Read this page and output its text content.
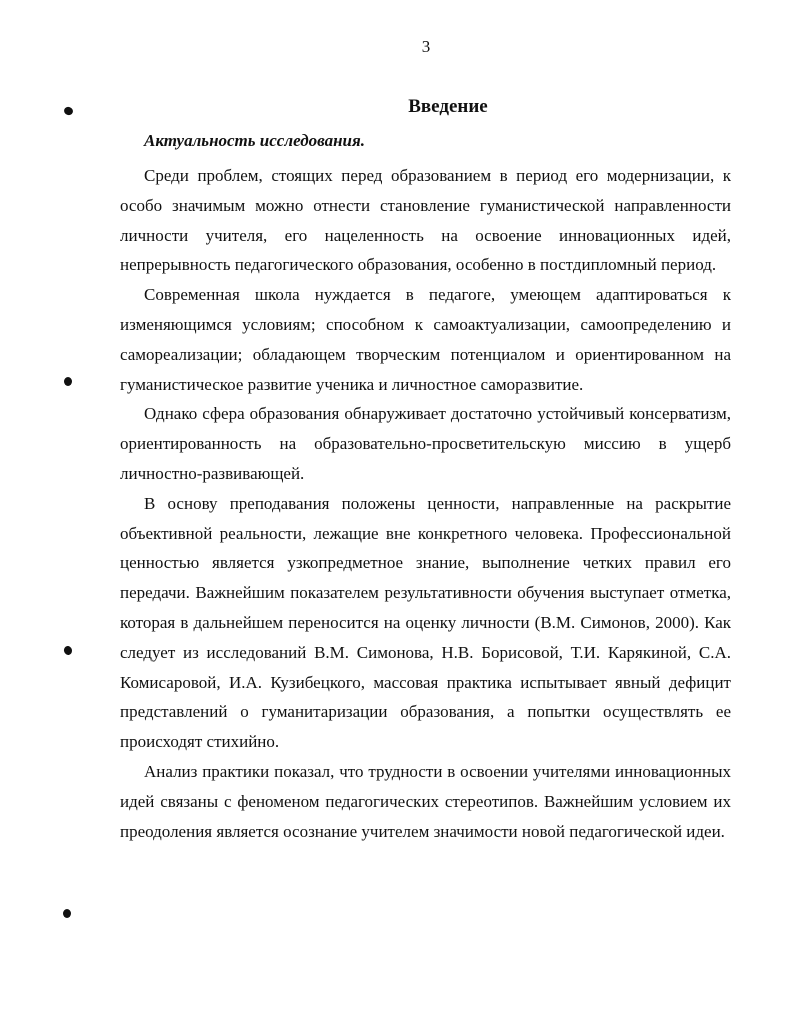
3
Введение
Актуальность исследования.

Среди проблем, стоящих перед образованием в период его модернизации, к особо значимым можно отнести становление гуманистической направленности личности учителя, его нацеленность на освоение инновационных идей, непрерывность педагогического образования, особенно в постдипломный период.

Современная школа нуждается в педагоге, умеющем адаптироваться к изменяющимся условиям; способном к самоактуализации, самоопределению и самореализации; обладающем творческим потенциалом и ориентированном на гуманистическое развитие ученика и личностное саморазвитие.

Однако сфера образования обнаруживает достаточно устойчивый консерватизм, ориентированность на образовательно-просветительскую миссию в ущерб личностно-развивающей.

В основу преподавания положены ценности, направленные на раскрытие объективной реальности, лежащие вне конкретного человека. Профессиональной ценностью является узкопредметное знание, выполнение четких правил его передачи. Важнейшим показателем результативности обучения выступает отметка, которая в дальнейшем переносится на оценку личности (В.М. Симонов, 2000). Как следует из исследований В.М. Симонова, Н.В. Борисовой, Т.И. Карякиной, С.А. Комисаровой, И.А. Кузибецкого, массовая практика испытывает явный дефицит представлений о гуманитаризации образования, а попытки осуществлять ее происходят стихийно.

Анализ практики показал, что трудности в освоении учителями инновационных идей связаны с феноменом педагогических стереотипов. Важнейшим условием их преодоления является осознание учителем значимости новой педагогической идеи.
